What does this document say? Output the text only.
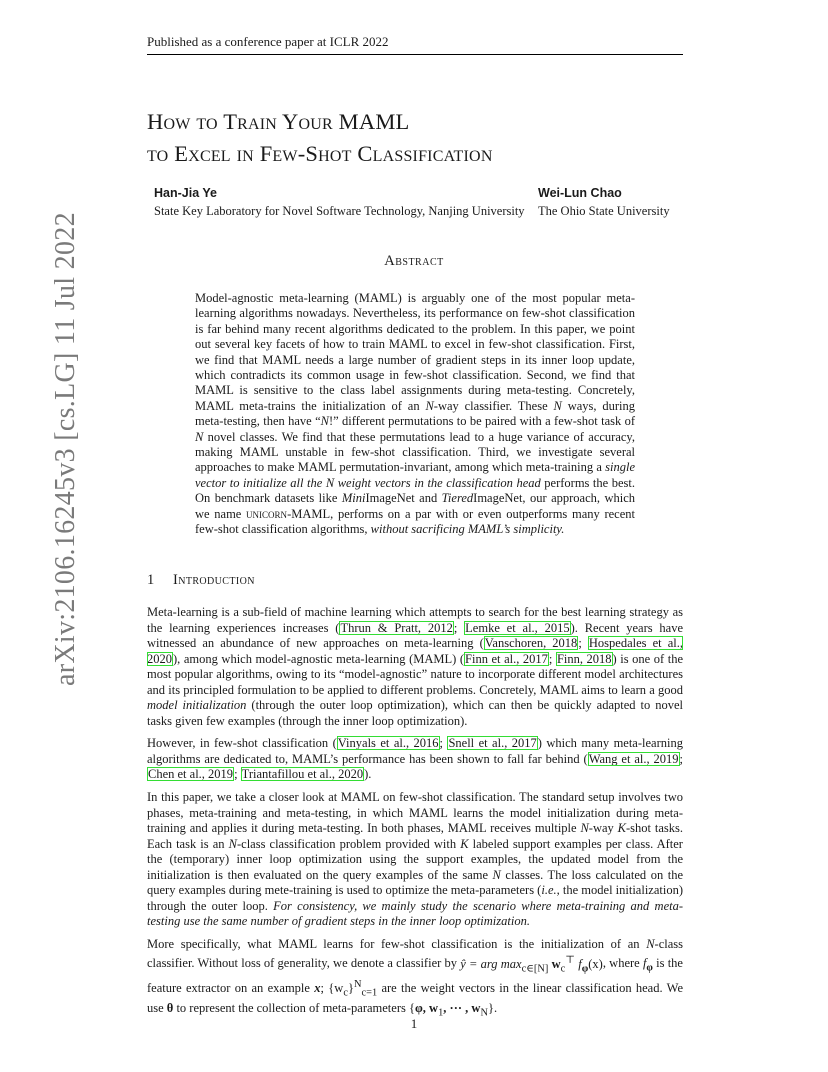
Published as a conference paper at ICLR 2022
arXiv:2106.16245v3 [cs.LG] 11 Jul 2022
How to Train Your MAML
to Excel in Few-Shot Classification
Han-Jia Ye
State Key Laboratory for Novel Software Technology, Nanjing University
Wei-Lun Chao
The Ohio State University
Abstract
Model-agnostic meta-learning (MAML) is arguably one of the most popular meta-learning algorithms nowadays. Nevertheless, its performance on few-shot classification is far behind many recent algorithms dedicated to the problem. In this paper, we point out several key facets of how to train MAML to excel in few-shot classification. First, we find that MAML needs a large number of gradient steps in its inner loop update, which contradicts its common usage in few-shot classification. Second, we find that MAML is sensitive to the class label assignments during meta-testing. Concretely, MAML meta-trains the initialization of an N-way classifier. These N ways, during meta-testing, then have “N!” different permutations to be paired with a few-shot task of N novel classes. We find that these permutations lead to a huge variance of accuracy, making MAML unstable in few-shot classification. Third, we investigate several approaches to make MAML permutation-invariant, among which meta-training a single vector to initialize all the N weight vectors in the classification head performs the best. On benchmark datasets like MiniImageNet and TieredImageNet, our approach, which we name unicorn-MAML, performs on a par with or even outperforms many recent few-shot classification algorithms, without sacrificing MAML’s simplicity.
1 Introduction

Meta-learning is a sub-field of machine learning which attempts to search for the best learning strategy as the learning experiences increases (Thrun & Pratt, 2012; Lemke et al., 2015). Recent years have witnessed an abundance of new approaches on meta-learning (Vanschoren, 2018; Hospedales et al., 2020), among which model-agnostic meta-learning (MAML) (Finn et al., 2017; Finn, 2018) is one of the most popular algorithms, owing to its “model-agnostic” nature to incorporate different model architectures and its principled formulation to be applied to different problems. Concretely, MAML aims to learn a good model initialization (through the outer loop optimization), which can then be quickly adapted to novel tasks given few examples (through the inner loop optimization).

However, in few-shot classification (Vinyals et al., 2016; Snell et al., 2017) which many meta-learning algorithms are dedicated to, MAML’s performance has been shown to fall far behind (Wang et al., 2019; Chen et al., 2019; Triantafillou et al., 2020).

In this paper, we take a closer look at MAML on few-shot classification. The standard setup involves two phases, meta-training and meta-testing, in which MAML learns the model initialization during meta-training and applies it during meta-testing. In both phases, MAML receives multiple N-way K-shot tasks. Each task is an N-class classification problem provided with K labeled support examples per class. After the (temporary) inner loop optimization using the support examples, the updated model from the initialization is then evaluated on the query examples of the same N classes. The loss calculated on the query examples during mete-training is used to optimize the meta-parameters (i.e., the model initialization) through the outer loop. For consistency, we mainly study the scenario where meta-training and meta-testing use the same number of gradient steps in the inner loop optimization.

More specifically, what MAML learns for few-shot classification is the initialization of an N-class classifier. Without loss of generality, we denote a classifier by ŷ = arg $\max_{c\in[N]} w_c^⊤$ $f_\varphi(x)$, where $f_\varphi$ is the feature extractor on an example x; $\{w_c\}^N_{c=1}$ are the weight vectors in the linear classification head. We use θ to represent the collection of meta-parameters {φ, $w_1$, ··· , $w_N$}.

1
